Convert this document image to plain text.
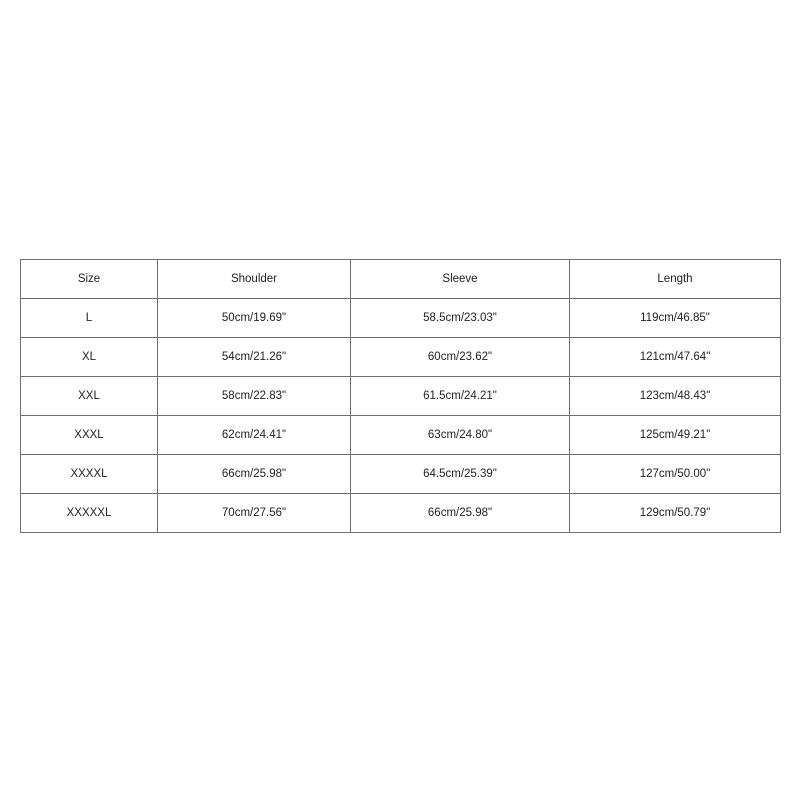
Size	Shoulder	Sleeve	Length
L	50cm/19.69"	58.5cm/23.03"	119cm/46.85"
XL	54cm/21.26"	60cm/23.62"	121cm/47.64"
XXL	58cm/22.83"	61.5cm/24.21"	123cm/48.43"
XXXL	62cm/24.41"	63cm/24.80"	125cm/49.21"
XXXXL	66cm/25.98"	64.5cm/25.39"	127cm/50.00"
XXXXXL	70cm/27.56"	66cm/25.98"	129cm/50.79"
